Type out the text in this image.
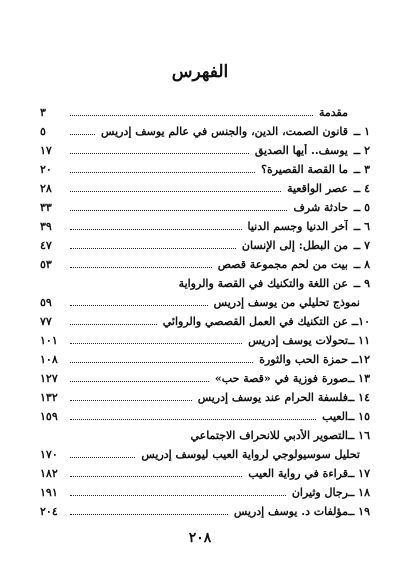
الفهرس
مقدمة
٣
١ ــ
قانون الصمت، الدين، والجنس في عالم يوسف إدريس
٥
٢ ــ
يوسف.. أيها الصديق
١٧
٣ ــ
ما القصة القصيرة؟
٢٠
٤ ــ
عصر الواقعية
٢٨
٥ ــ
حادثة شرف
٣٣
٦ ــ
آخر الدنيا وجسم الدنيا
٣٩
٧ ــ
من البطل: إلى الإنسان
٤٧
٨ ــ
بيت من لحم مجموعة قصص
٥٣
٩ ــ
عن اللغة والتكنيك في القصة والرواية
نموذج تحليلي من يوسف إدريس
٥٩
١٠ــ
عن التكنيك في العمل القصصي والروائي
٧٧
١١ ــ
تحولات يوسف إدريس
١٠١
١٢ــ
حمزة الحب والثورة
١٠٨
١٣ ــ
صورة فوزية في «قصة حب»
١٢٧
١٤ ــ
فلسفة الحرام عند يوسف إدريس
١٣٢
١٥ ــ
العيب
١٥٩
١٦ ــ
التصوير الأدبي للانحراف الاجتماعي
تحليل سوسيولوجي لرواية العيب ليوسف إدريس
١٧٠
١٧ ــ
قراءة في رواية العيب
١٨٢
١٨ ــ
رجال وثيران
١٩١
١٩ ــ
مؤلفات د. يوسف إدريس
٢٠٤
٢٠٨
